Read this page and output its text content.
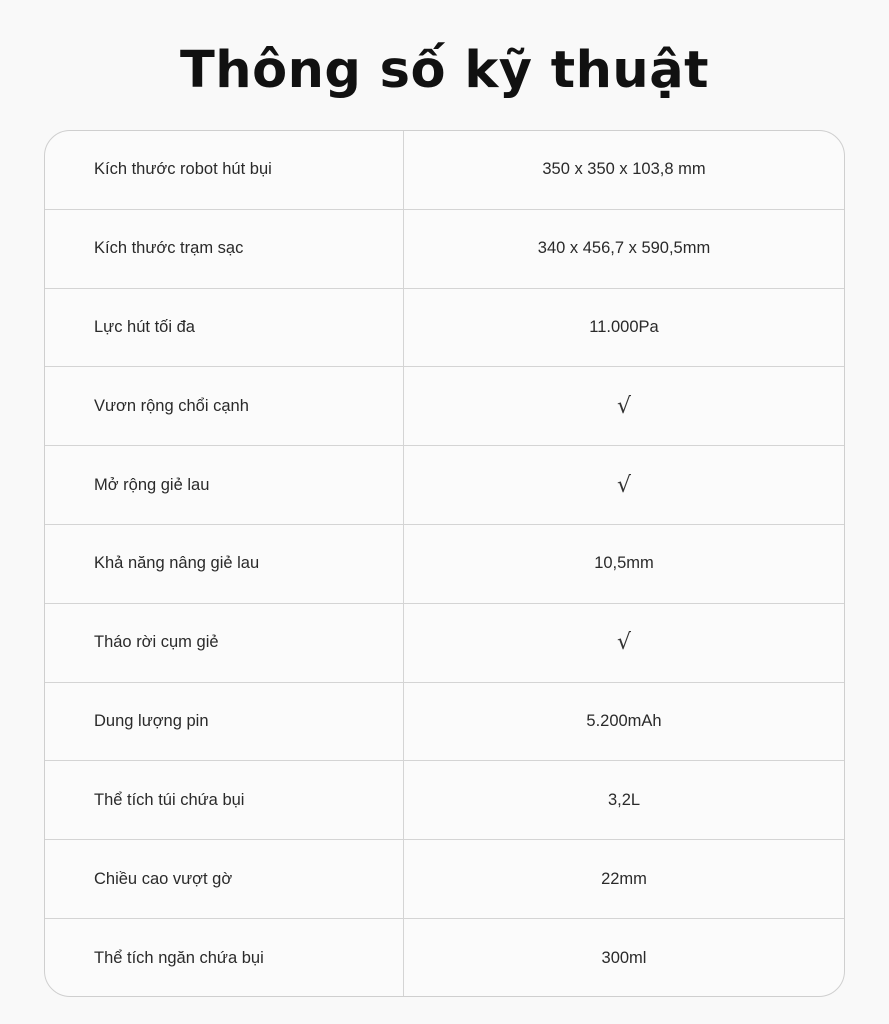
Thông số kỹ thuật
Kích thước robot hút bụi	350 x 350 x 103,8 mm
Kích thước trạm sạc	340 x 456,7 x 590,5mm
Lực hút tối đa	11.000Pa
Vươn rộng chổi cạnh	√
Mở rộng giẻ lau	√
Khả năng nâng giẻ lau	10,5mm
Tháo rời cụm giẻ	√
Dung lượng pin	5.200mAh
Thể tích túi chứa bụi	3,2L
Chiều cao vượt gờ	22mm
Thể tích ngăn chứa bụi	300ml
